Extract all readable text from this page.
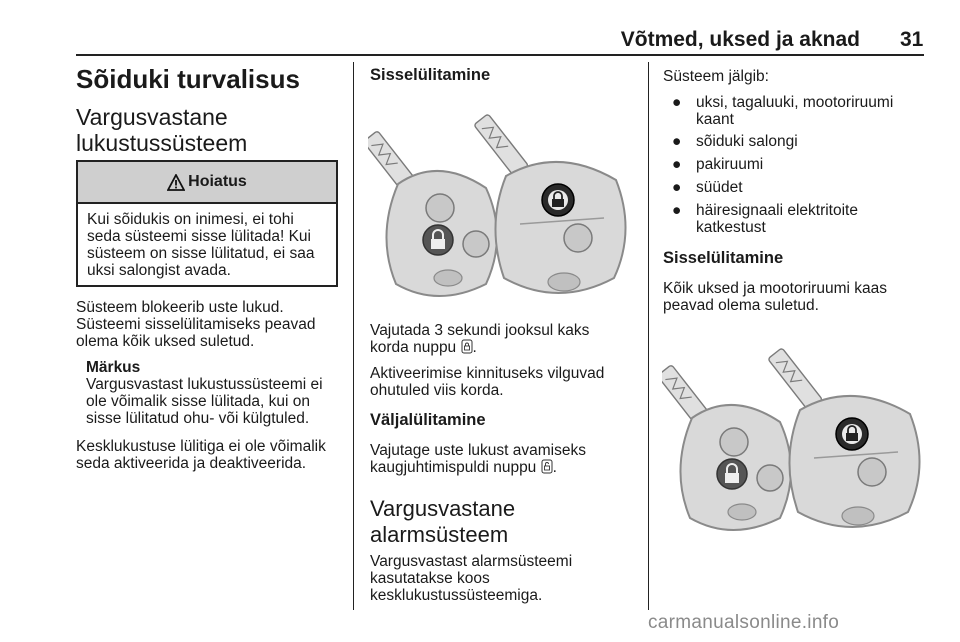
Võtmed, uksed ja aknad 31
Sõiduki turvalisus
Vargusvastane
lukustussüsteem
Hoiatus
Kui sõidukis on inimesi, ei tohi
seda süsteemi sisse lülitada! Kui
süsteem on sisse lülitatud, ei saa
uksi salongist avada.
Süsteem blokeerib uste lukud.
Süsteemi sisselülitamiseks peavad
olema kõik uksed suletud.
Märkus
Vargusvastast lukustussüsteemi ei
ole võimalik sisse lülitada, kui on
sisse lülitatud ohu- või külgtuled.
Kesklukustuse lülitiga ei ole võimalik
seda aktiveerida ja deaktiveerida.
Sisselülitamine
Vajutada 3 sekundi jooksul kaks
korda nuppu .
Aktiveerimise kinnituseks vilguvad
ohutuled viis korda.
Väljalülitamine
Vajutage uste lukust avamiseks
kaugjuhtimispuldi nuppu .
Vargusvastane
alarmsüsteem
Vargusvastast alarmsüsteemi
kasutatakse koos
kesklukustussüsteemiga.
Süsteem jälgib:
● uksi, tagaluuki, mootoriruumi
kaant
● sõiduki salongi
● pakiruumi
● süüdet
● häiresignaali elektritoite
katkestust
Sisselülitamine
Kõik uksed ja mootoriruumi kaas
peavad olema suletud.
carmanualsonline.info
